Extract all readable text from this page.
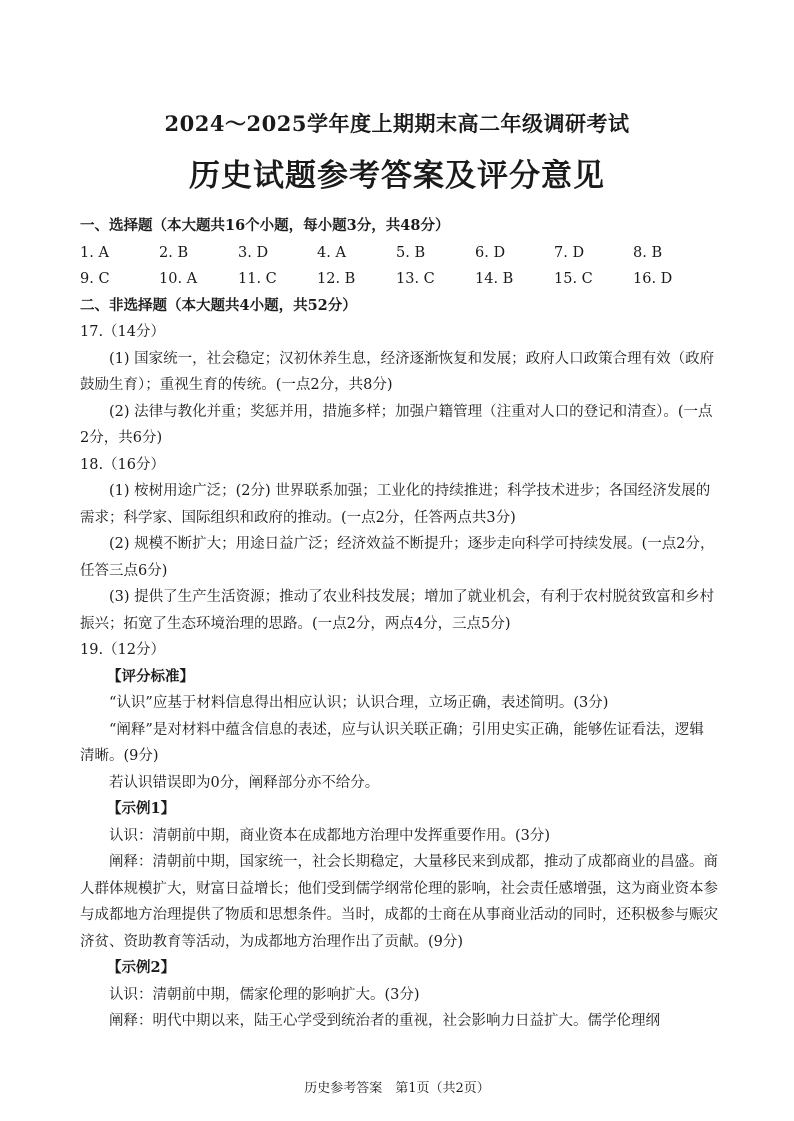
2024～2025学年度上期期末高二年级调研考试
历史试题参考答案及评分意见

一、选择题（本大题共16个小题，每小题3分，共48分）

1. A	2. B	3. D	4. A	5. B	6. D	7. D	8. B
9. C	10. A	11. C	12. B	13. C	14. B	15. C	16. D

二、非选择题（本大题共4小题，共52分）

17.（14分）

(1) 国家统一，社会稳定；汉初休养生息，经济逐渐恢复和发展；政府人口政策合理有效（政府鼓励生育）；重视生育的传统。(一点2分，共8分)

(2) 法律与教化并重；奖惩并用，措施多样；加强户籍管理（注重对人口的登记和清查）。(一点2分，共6分)

18.（16分）

(1) 桉树用途广泛；(2分) 世界联系加强；工业化的持续推进；科学技术进步；各国经济发展的需求；科学家、国际组织和政府的推动。(一点2分，任答两点共3分)

(2) 规模不断扩大；用途日益广泛；经济效益不断提升；逐步走向科学可持续发展。(一点2分，任答三点6分)

(3) 提供了生产生活资源；推动了农业科技发展；增加了就业机会，有利于农村脱贫致富和乡村振兴；拓宽了生态环境治理的思路。(一点2分，两点4分，三点5分)

19.（12分）

【评分标准】

“认识”应基于材料信息得出相应认识；认识合理，立场正确，表述简明。(3分)

“阐释”是对材料中蕴含信息的表述，应与认识关联正确；引用史实正确，能够佐证看法，逻辑清晰。(9分)

若认识错误即为0分，阐释部分亦不给分。

【示例1】

认识：清朝前中期，商业资本在成都地方治理中发挥重要作用。(3分)

阐释：清朝前中期，国家统一，社会长期稳定，大量移民来到成都，推动了成都商业的昌盛。商人群体规模扩大，财富日益增长；他们受到儒学纲常伦理的影响，社会责任感增强，这为商业资本参与成都地方治理提供了物质和思想条件。当时，成都的士商在从事商业活动的同时，还积极参与赈灾济贫、资助教育等活动，为成都地方治理作出了贡献。(9分)

【示例2】

认识：清朝前中期，儒家伦理的影响扩大。(3分)

阐释：明代中期以来，陆王心学受到统治者的重视，社会影响力日益扩大。儒学伦理纲

历史参考答案　第1页（共2页）
